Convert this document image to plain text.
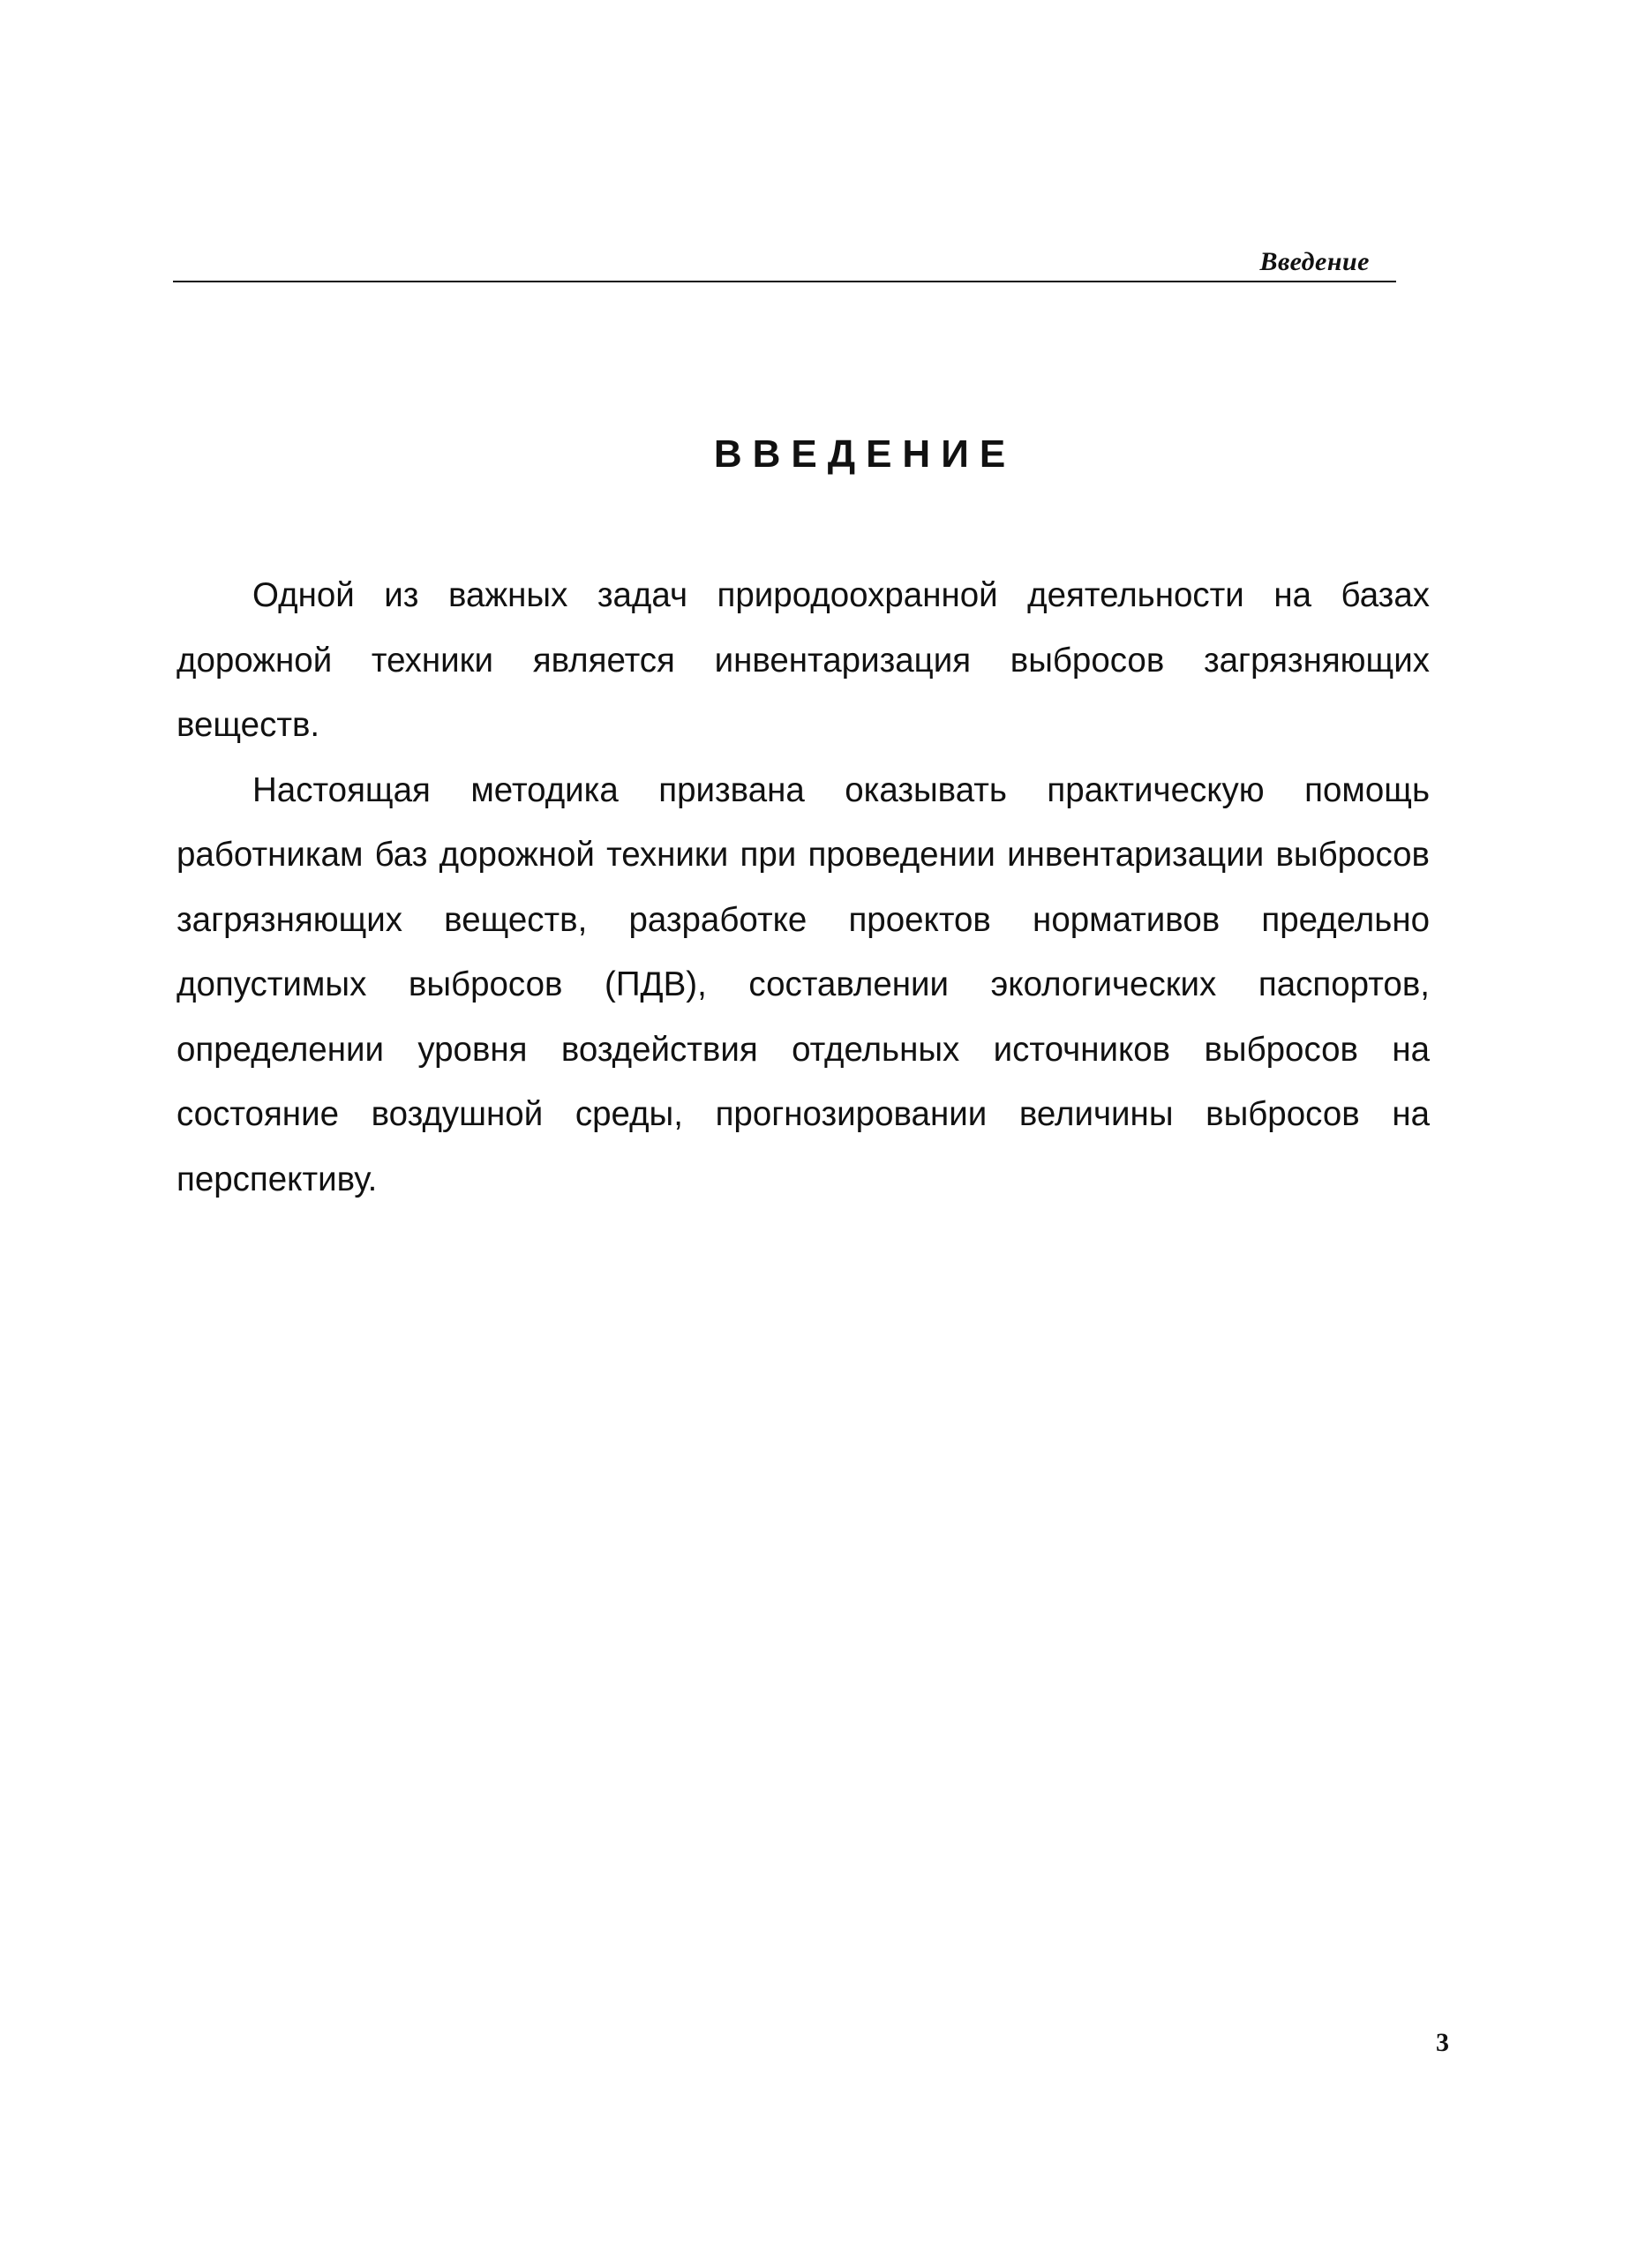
Введение
ВВЕДЕНИЕ

Одной из важных задач природоохранной деятельности на базах дорожной техники является инвентаризация выбросов загрязняющих веществ.

Настоящая методика призвана оказывать практическую помощь работникам баз дорожной техники при проведении инвентаризации выбросов загрязняющих веществ, разработке проектов нормативов предельно допустимых выбросов (ПДВ), составлении экологических паспортов, определении уровня воздействия отдельных источников выбросов на состояние воздушной среды, прогнозировании величины выбросов на перспективу.

3
